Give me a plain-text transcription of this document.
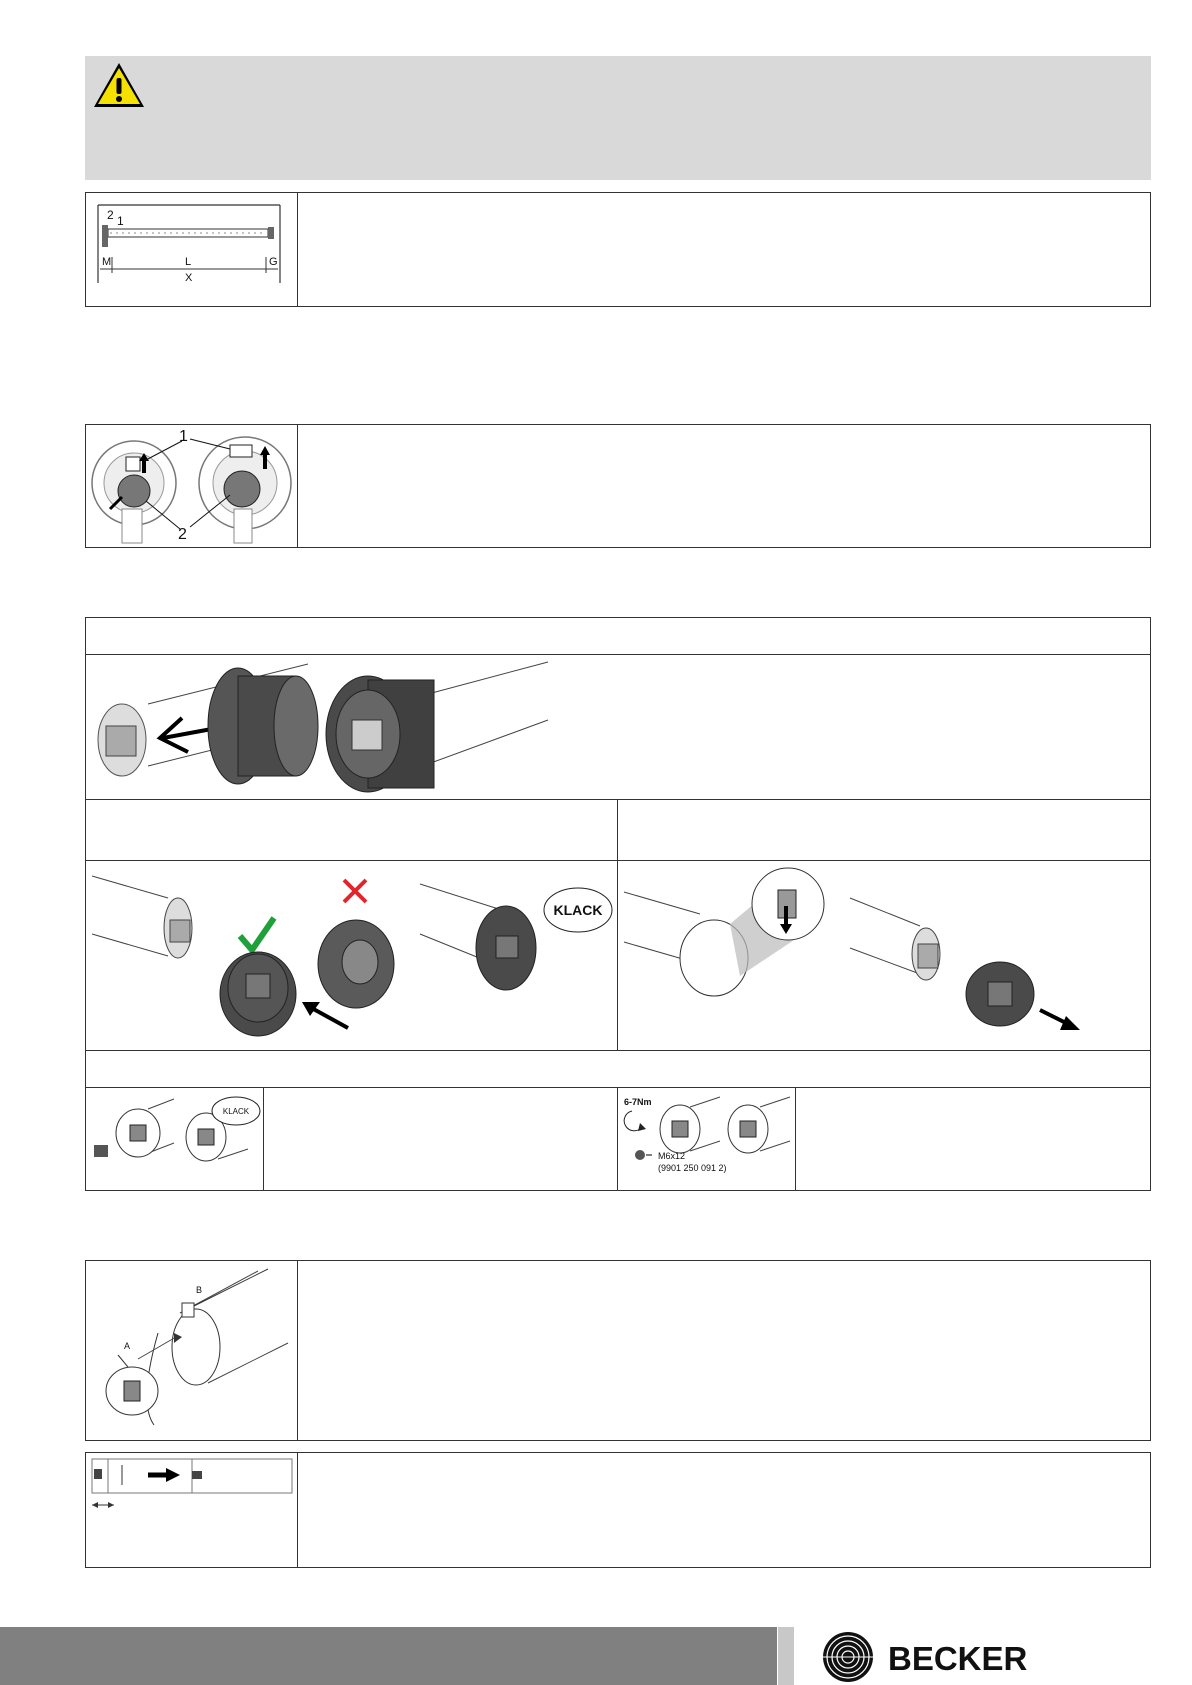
2 1
M	L	G
X
1
2
KLACK
KLACK
6-7Nm
M6x12
(9901 250 091 2)
B
A
BECKER
